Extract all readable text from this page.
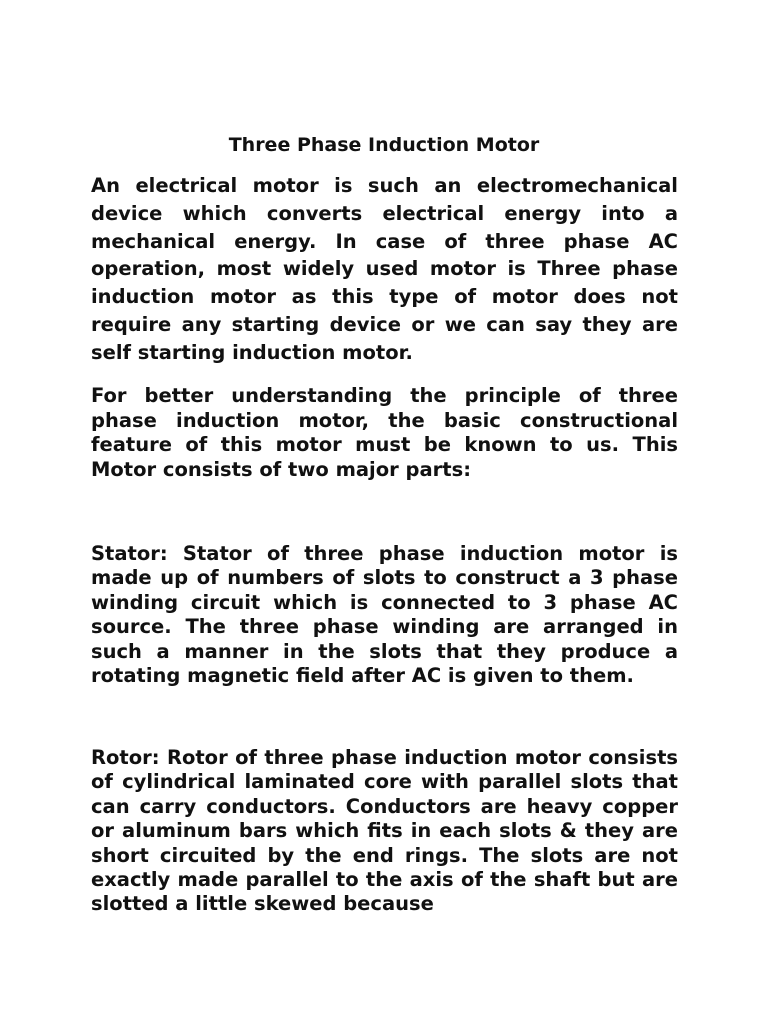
Three Phase Induction Motor

An electrical motor is such an electromechanical device which converts electrical energy into a mechanical energy. In case of three phase AC operation, most widely used motor is Three phase induction motor as this type of motor does not require any starting device or we can say they are self starting induction motor.

For better understanding the principle of three phase induction motor, the basic constructional feature of this motor must be known to us. This Motor consists of two major parts:

Stator: Stator of three phase induction motor is made up of numbers of slots to construct a 3 phase winding circuit which is connected to 3 phase AC source. The three phase winding are arranged in such a manner in the slots that they produce a rotating magnetic field after AC is given to them.

Rotor: Rotor of three phase induction motor consists of cylindrical laminated core with parallel slots that can carry conductors. Conductors are heavy copper or aluminum bars which fits in each slots & they are short circuited by the end rings. The slots are not exactly made parallel to the axis of the shaft but are slotted a little skewed because
